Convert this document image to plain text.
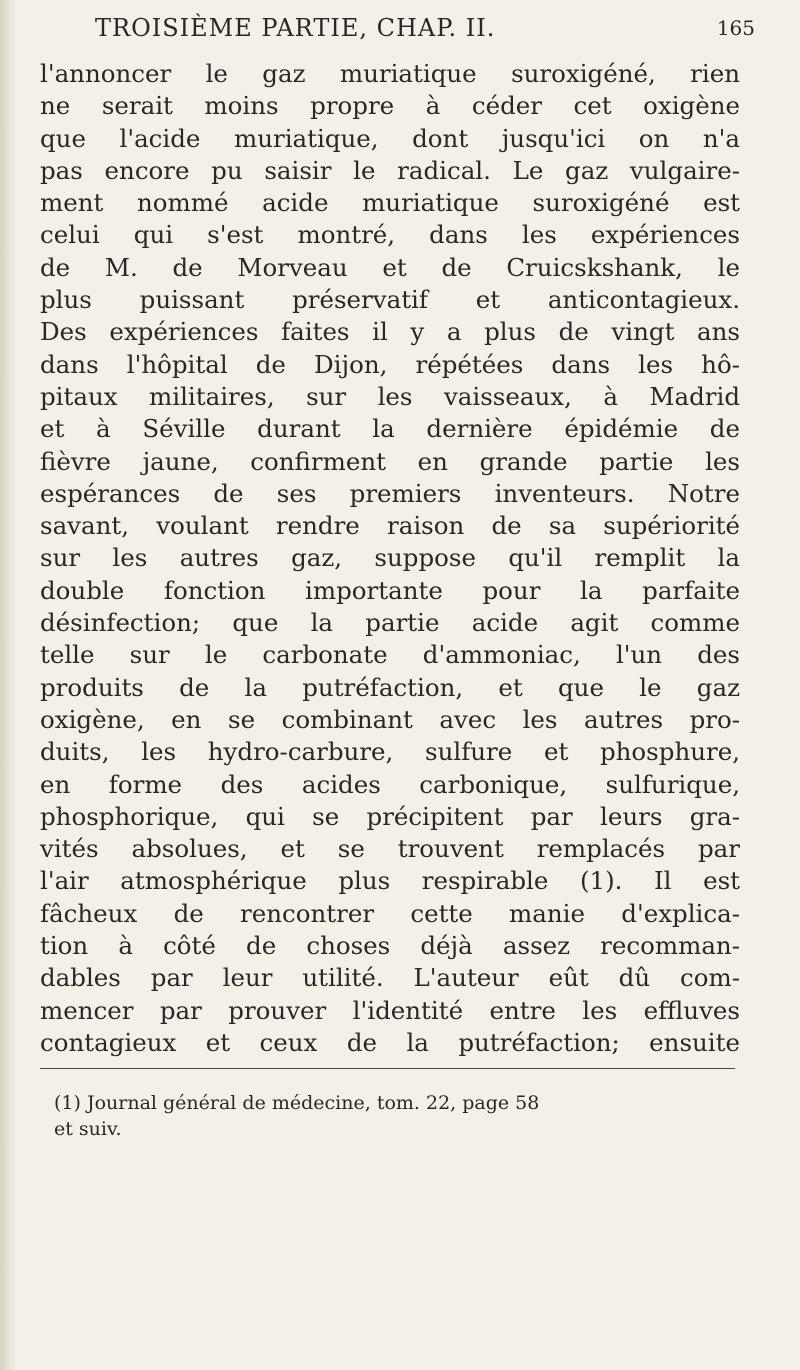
TROISIÈME PARTIE, CHAP. II.	165
l'annoncer le gaz muriatique suroxigéné, rien
ne serait moins propre à céder cet oxigène
que l'acide muriatique, dont jusqu'ici on n'a
pas encore pu saisir le radical. Le gaz vulgaire-
ment nommé acide muriatique suroxigéné est
celui qui s'est montré, dans les expériences
de M. de Morveau et de Cruicskshank, le
plus puissant préservatif et anticontagieux.
Des expériences faites il y a plus de vingt ans
dans l'hôpital de Dijon, répétées dans les hô-
pitaux militaires, sur les vaisseaux, à Madrid
et à Séville durant la dernière épidémie de
fièvre jaune, confirment en grande partie les
espérances de ses premiers inventeurs. Notre
savant, voulant rendre raison de sa supériorité
sur les autres gaz, suppose qu'il remplit la
double fonction importante pour la parfaite
désinfection; que la partie acide agit comme
telle sur le carbonate d'ammoniac, l'un des
produits de la putréfaction, et que le gaz
oxigène, en se combinant avec les autres pro-
duits, les hydro-carbure, sulfure et phosphure,
en forme des acides carbonique, sulfurique,
phosphorique, qui se précipitent par leurs gra-
vités absolues, et se trouvent remplacés par
l'air atmosphérique plus respirable (1). Il est
fâcheux de rencontrer cette manie d'explica-
tion à côté de choses déjà assez recomman-
dables par leur utilité. L'auteur eût dû com-
mencer par prouver l'identité entre les effluves
contagieux et ceux de la putréfaction; ensuite
(1) Journal général de médecine, tom. 22, page 58
et suiv.
